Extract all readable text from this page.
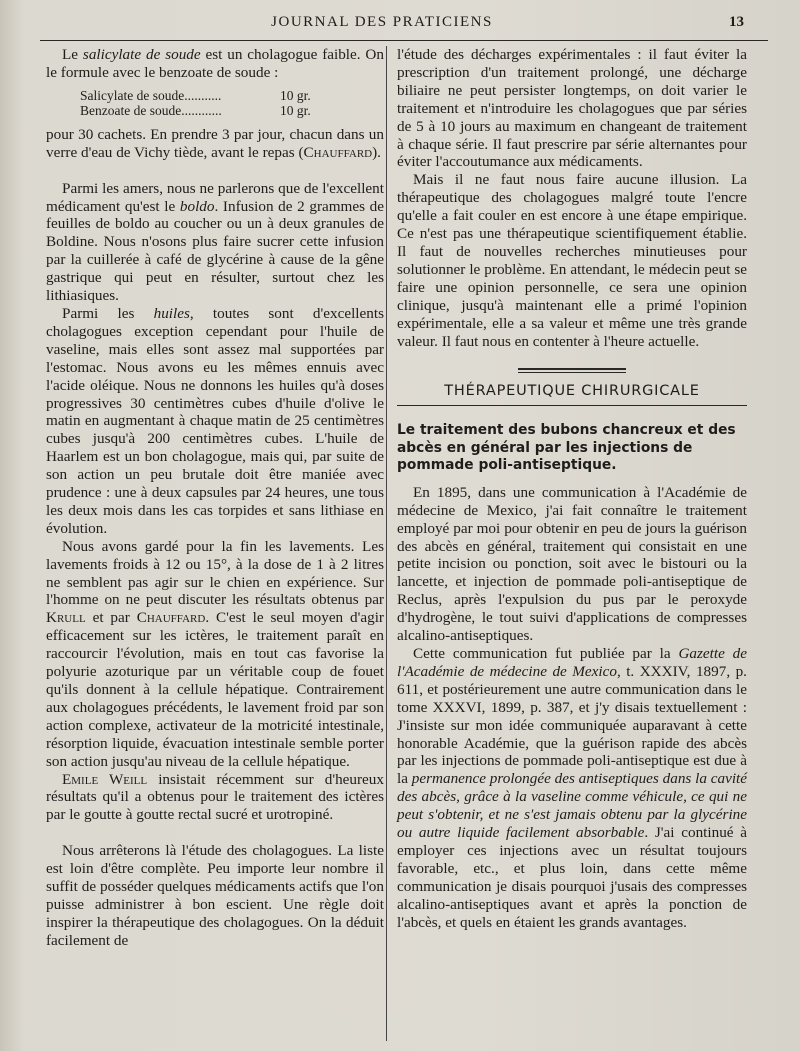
JOURNAL DES PRATICIENS	13

Le salicylate de soude est un cholagogue faible. On le formule avec le benzoate de soude :

Salicylate de soude...........	10 gr.
Benzoate de soude............	10 gr.

pour 30 cachets. En prendre 3 par jour, chacun dans un verre d'eau de Vichy tiède, avant le repas (Chauffard).

Parmi les amers, nous ne parlerons que de l'excellent médicament qu'est le boldo. Infusion de 2 grammes de feuilles de boldo au coucher ou un à deux granules de Boldine. Nous n'osons plus faire sucrer cette infusion par la cuillerée à café de glycérine à cause de la gêne gastrique qui peut en résulter, surtout chez les lithiasiques.

Parmi les huiles, toutes sont d'excellents cholagogues exception cependant pour l'huile de vaseline, mais elles sont assez mal supportées par l'estomac. Nous avons eu les mêmes ennuis avec l'acide oléique. Nous ne donnons les huiles qu'à doses progressives 30 centimètres cubes d'huile d'olive le matin en augmentant à chaque matin de 25 centimètres cubes jusqu'à 200 centimètres cubes. L'huile de Haarlem est un bon cholagogue, mais qui, par suite de son action un peu brutale doit être maniée avec prudence : une à deux capsules par 24 heures, une tous les deux mois dans les cas torpides et sans lithiase en évolution.

Nous avons gardé pour la fin les lavements. Les lavements froids à 12 ou 15°, à la dose de 1 à 2 litres ne semblent pas agir sur le chien en expérience. Sur l'homme on ne peut discuter les résultats obtenus par Krull et par Chauffard. C'est le seul moyen d'agir efficacement sur les ictères, le traitement paraît en raccourcir l'évolution, mais en tout cas favorise la polyurie azoturique par un véritable coup de fouet qu'ils donnent à la cellule hépatique. Contrairement aux cholagogues précédents, le lavement froid par son action complexe, activateur de la motricité intestinale, résorption liquide, évacuation intestinale semble porter son action jusqu'au niveau de la cellule hépatique.

Emile Weill insistait récemment sur d'heureux résultats qu'il a obtenus pour le traitement des ictères par le goutte à goutte rectal sucré et urotropiné.

Nous arrêterons là l'étude des cholagogues. La liste est loin d'être complète. Peu importe leur nombre il suffit de posséder quelques médicaments actifs que l'on puisse administrer à bon escient. Une règle doit inspirer la thérapeutique des cholagogues. On la déduit facilement de

l'étude des décharges expérimentales : il faut éviter la prescription d'un traitement prolongé, une décharge biliaire ne peut persister longtemps, on doit varier le traitement et n'introduire les cholagogues que par séries de 5 à 10 jours au maximum en changeant de traitement à chaque série. Il faut prescrire par série alternantes pour éviter l'accoutumance aux médicaments.

Mais il ne faut nous faire aucune illusion. La thérapeutique des cholagogues malgré toute l'encre qu'elle a fait couler en est encore à une étape empirique. Ce n'est pas une thérapeutique scientifiquement établie. Il faut de nouvelles recherches minutieuses pour solutionner le problème. En attendant, le médecin peut se faire une opinion personnelle, ce sera une opinion clinique, jusqu'à maintenant elle a primé l'opinion expérimentale, elle a sa valeur et même une très grande valeur. Il faut nous en contenter à l'heure actuelle.

THÉRAPEUTIQUE CHIRURGICALE

Le traitement des bubons chancreux et des abcès en général par les injections de pommade poli-antiseptique.

En 1895, dans une communication à l'Académie de médecine de Mexico, j'ai fait connaître le traitement employé par moi pour obtenir en peu de jours la guérison des abcès en général, traitement qui consistait en une petite incision ou ponction, soit avec le bistouri ou la lancette, et injection de pommade poli-antiseptique de Reclus, après l'expulsion du pus par le peroxyde d'hydrogène, le tout suivi d'applications de compresses alcalino-antiseptiques.

Cette communication fut publiée par la Gazette de l'Académie de médecine de Mexico, t. XXXIV, 1897, p. 611, et postérieurement une autre communication dans le tome XXXVI, 1899, p. 387, et j'y disais textuellement : J'insiste sur mon idée communiquée auparavant à cette honorable Académie, que la guérison rapide des abcès par les injections de pommade poli-antiseptique est due à la permanence prolongée des antiseptiques dans la cavité des abcès, grâce à la vaseline comme véhicule, ce qui ne peut s'obtenir, et ne s'est jamais obtenu par la glycérine ou autre liquide facilement absorbable. J'ai continué à employer ces injections avec un résultat toujours favorable, etc., et plus loin, dans cette même communication je disais pourquoi j'usais des compresses alcalino-antiseptiques avant et après la ponction de l'abcès, et quels en étaient les grands avantages.
